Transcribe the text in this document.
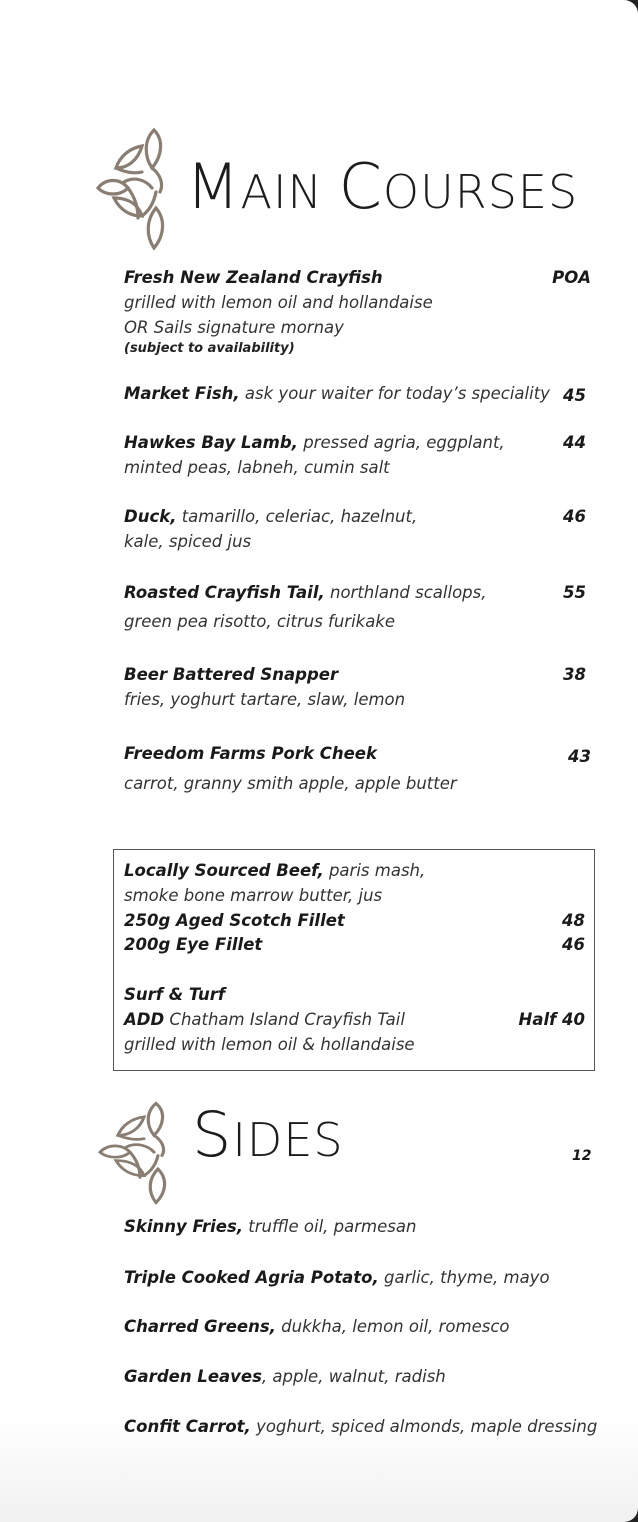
MAIN COURSES
Fresh New Zealand Crayfish
grilled with lemon oil and hollandaise
OR Sails signature mornay
(subject to availability)
POA
Market Fish, ask your waiter for today’s speciality 45
Hawkes Bay Lamb, pressed agria, eggplant,
minted peas, labneh, cumin salt
44
Duck, tamarillo, celeriac, hazelnut,
kale, spiced jus
46
Roasted Crayfish Tail, northland scallops,
green pea risotto, citrus furikake
55
Beer Battered Snapper
fries, yoghurt tartare, slaw, lemon
38
Freedom Farms Pork Cheek
carrot, granny smith apple, apple butter
43
Locally Sourced Beef, paris mash,
smoke bone marrow butter, jus
250g Aged Scotch Fillet	48
200g Eye Fillet	46
Surf & Turf
ADD Chatham Island Crayfish Tail	Half 40
grilled with lemon oil & hollandaise
SIDES	12
Skinny Fries, truffle oil, parmesan
Triple Cooked Agria Potato, garlic, thyme, mayo
Charred Greens, dukkha, lemon oil, romesco
Garden Leaves, apple, walnut, radish
Confit Carrot, yoghurt, spiced almonds, maple dressing
